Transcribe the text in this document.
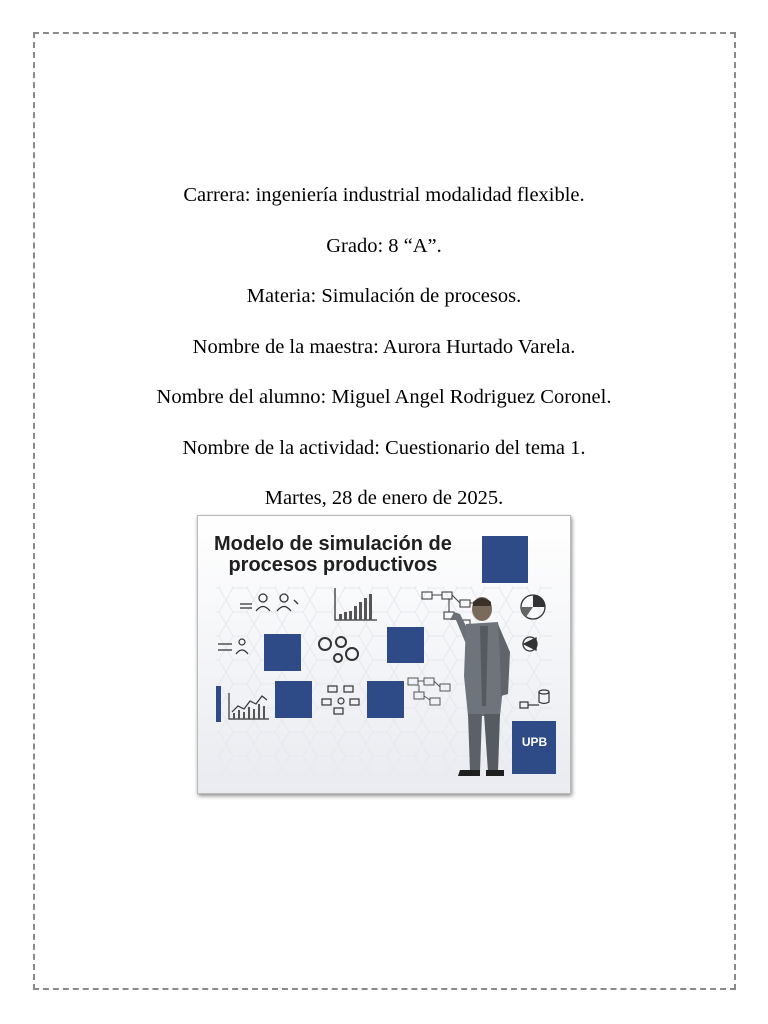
Carrera: ingeniería industrial modalidad flexible.

Grado: 8 “A”.

Materia: Simulación de procesos.

Nombre de la maestra: Aurora Hurtado Varela.

Nombre del alumno: Miguel Angel Rodriguez Coronel.

Nombre de la actividad: Cuestionario del tema 1.

Martes, 28 de enero de 2025.

Modelo de simulación de
procesos productivos
UPB
